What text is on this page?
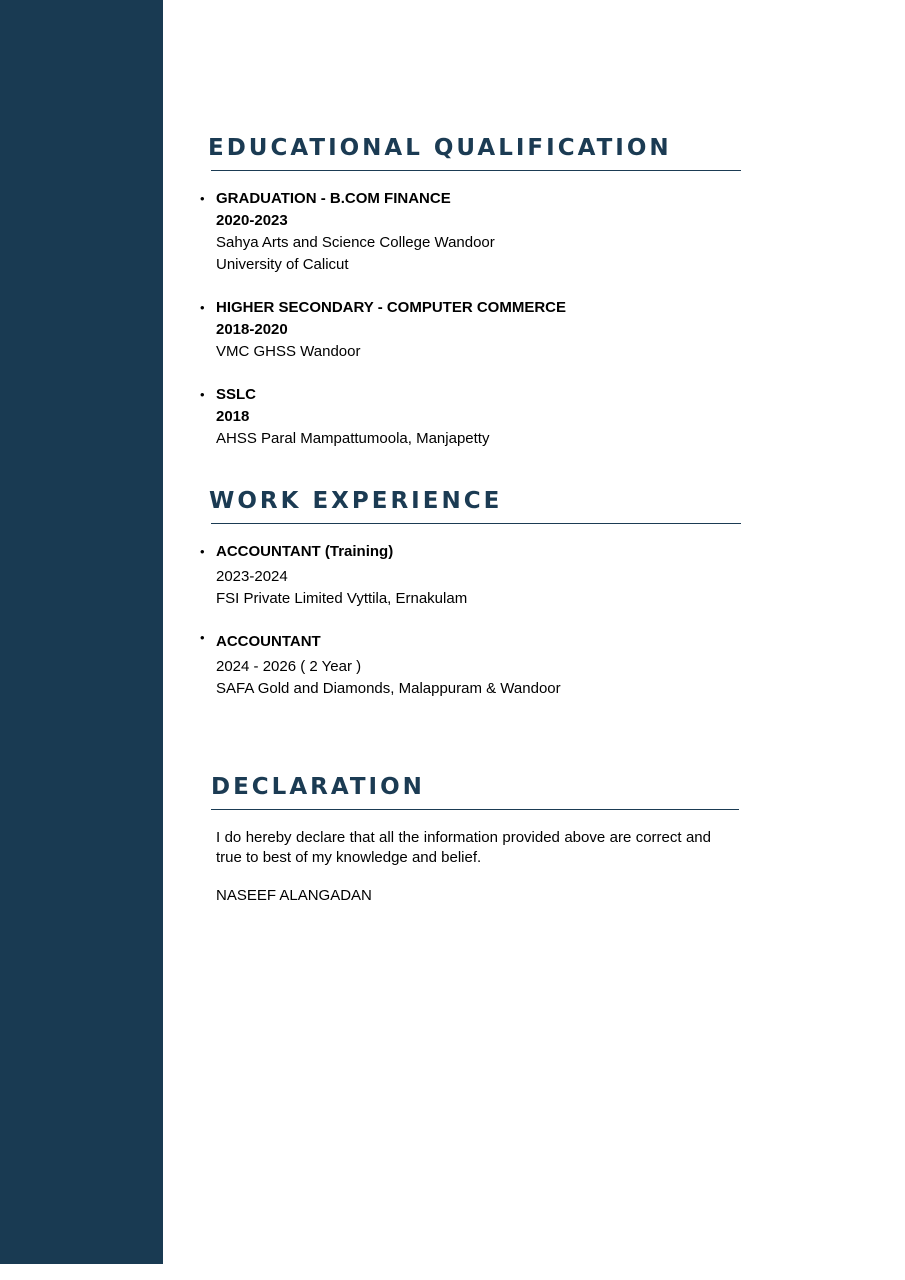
EDUCATIONAL QUALIFICATION
• GRADUATION - B.COM FINANCE
2020-2023
Sahya Arts and Science College Wandoor
University of Calicut
• HIGHER SECONDARY - COMPUTER COMMERCE
2018-2020
VMC GHSS Wandoor
• SSLC
2018
AHSS Paral Mampattumoola, Manjapetty
WORK EXPERIENCE
• ACCOUNTANT (Training)
2023-2024
FSI Private Limited Vyttila, Ernakulam
• ACCOUNTANT
2024 - 2026 ( 2 Year )
SAFA Gold and Diamonds, Malappuram & Wandoor
DECLARATION

I do hereby declare that all the information provided above are correct and true to best of my knowledge and belief.

NASEEF ALANGADAN
